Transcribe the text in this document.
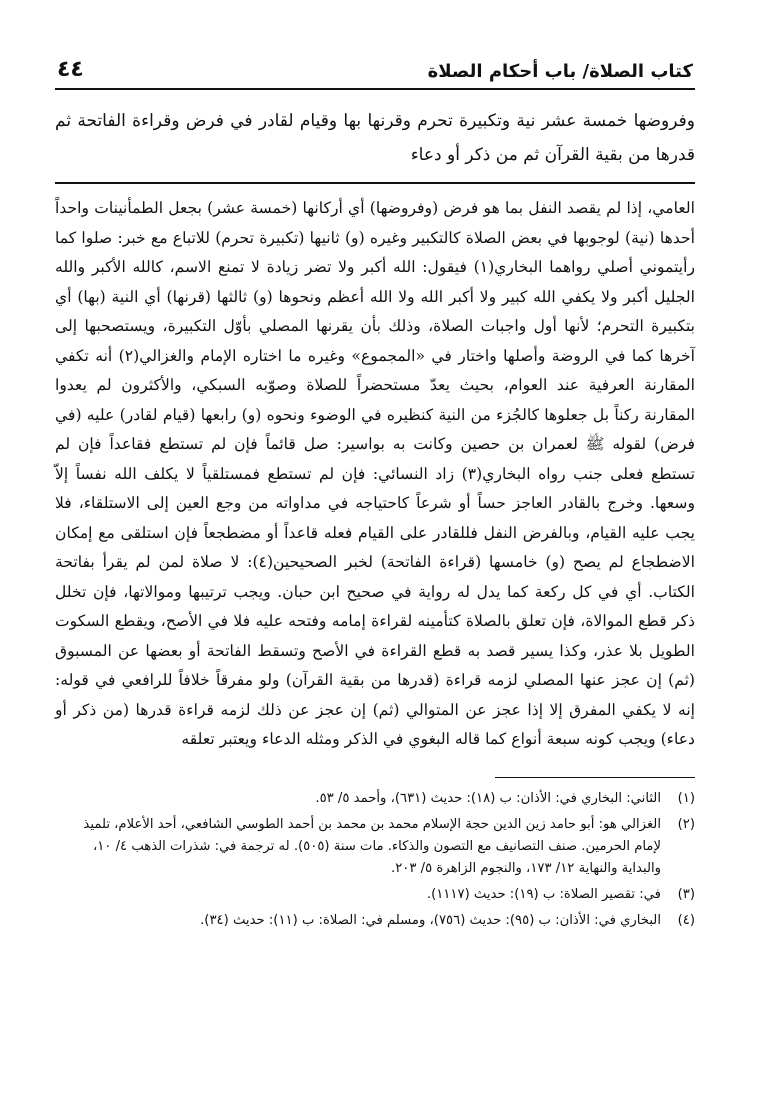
كتاب الصلاة/ باب أحكام الصلاة
٤٤
وفروضها خمسة عشر نية وتكبيرة تحرم وقرنها بها وقيام لقادر في فرض وقراءة الفاتحة ثم قدرها من بقية القرآن ثم من ذكر أو دعاء

العامي، إذا لم يقصد النفل بما هو فرض (وفروضها) أي أركانها (خمسة عشر) بجعل الطمأنينات واحداً أحدها (نية) لوجوبها في بعض الصلاة كالتكبير وغيره (و) ثانيها (تكبيرة تحرم) للاتباع مع خبر: صلوا كما رأيتموني أصلي رواهما البخاري(١) فيقول: الله أكبر ولا تضر زيادة لا تمنع الاسم، كالله الأكبر والله الجليل أكبر ولا يكفي الله كبير ولا أكبر الله ولا الله أعظم ونحوها (و) ثالثها (قرنها) أي النية (بها) أي بتكبيرة التحرم؛ لأنها أول واجبات الصلاة، وذلك بأن يقرنها المصلي بأوّل التكبيرة، ويستصحبها إلى آخرها كما في الروضة وأصلها واختار في «المجموع» وغيره ما اختاره الإمام والغزالي(٢) أنه تكفي المقارنة العرفية عند العوام، بحيث يعدّ مستحضراً للصلاة وصوّبه السبكي، والأكثرون لم يعدوا المقارنة ركناً بل جعلوها كالجُزء من النية كنظيره في الوضوء ونحوه (و) رابعها (قيام لقادر) عليه (في فرض) لقوله ﷺ لعمران بن حصين وكانت به بواسير: صل قائماً فإن لم تستطع فقاعداً فإن لم تستطع فعلى جنب رواه البخاري(٣) زاد النسائي: فإن لم تستطع فمستلقياً لا يكلف الله نفساً إلاّ وسعها. وخرج بالقادر العاجز حساً أو شرعاً كاحتياجه في مداواته من وجع العين إلى الاستلقاء، فلا يجب عليه القيام، وبالفرض النفل فللقادر على القيام فعله قاعداً أو مضطجعاً فإن استلقى مع إمكان الاضطجاع لم يصح (و) خامسها (قراءة الفاتحة) لخبر الصحيحين(٤): لا صلاة لمن لم يقرأ بفاتحة الكتاب. أي في كل ركعة كما يدل له رواية في صحيح ابن حبان. ويجب ترتيبها وموالاتها، فإن تخلل ذكر قطع الموالاة، فإن تعلق بالصلاة كتأمينه لقراءة إمامه وفتحه عليه فلا في الأصح، ويقطع السكوت الطويل بلا عذر، وكذا يسير قصد به قطع القراءة في الأصح وتسقط الفاتحة أو بعضها عن المسبوق (ثم) إن عجز عنها المصلي لزمه قراءة (قدرها من بقية القرآن) ولو مفرقاً خلافاً للرافعي في قوله: إنه لا يكفي المفرق إلا إذا عجز عن المتوالي (ثم) إن عجز عن ذلك لزمه قراءة قدرها (من ذكر أو دعاء) ويجب كونه سبعة أنواع كما قاله البغوي في الذكر ومثله الدعاء ويعتبر تعلقه

(١)
الثاني: البخاري في: الأذان: ب (١٨): حديث (٦٣١)، وأحمد ٥/ ٥٣.
(٢)
الغزالي هو: أبو حامد زين الدين حجة الإسلام محمد بن محمد بن أحمد الطوسي الشافعي، أحد الأعلام، تلميذ لإمام الحرمين. صنف التصانيف مع التصون والذكاء. مات سنة (٥٠٥). له ترجمة في: شذرات الذهب ٤/ ١٠، والبداية والنهاية ١٢/ ١٧٣، والنجوم الزاهرة ٥/ ٢٠٣.
(٣)
في: تقصير الصلاة: ب (١٩): حديث (١١١٧).
(٤)
البخاري في: الأذان: ب (٩٥): حديث (٧٥٦)، ومسلم في: الصلاة: ب (١١): حديث (٣٤).
